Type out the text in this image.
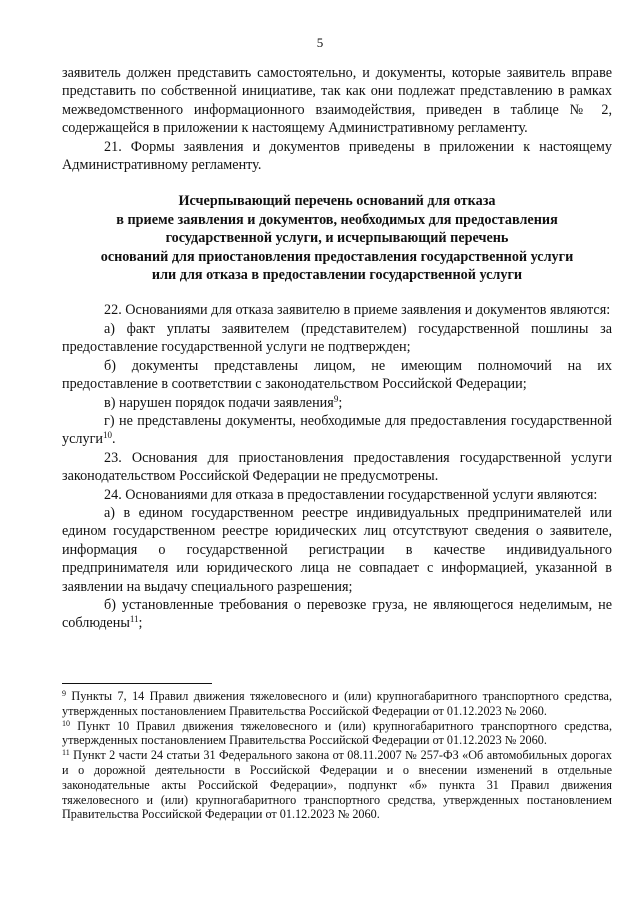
5

заявитель должен представить самостоятельно, и документы, которые заявитель вправе представить по собственной инициативе, так как они подлежат представлению в рамках межведомственного информационного взаимодействия, приведен в таблице № 2, содержащейся в приложении к настоящему Административному регламенту.

21. Формы заявления и документов приведены в приложении к настоящему Административному регламенту.

Исчерпывающий перечень оснований для отказа
в приеме заявления и документов, необходимых для предоставления
государственной услуги, и исчерпывающий перечень
оснований для приостановления предоставления государственной услуги
или для отказа в предоставлении государственной услуги

22. Основаниями для отказа заявителю в приеме заявления и документов являются:

а) факт уплаты заявителем (представителем) государственной пошлины за предоставление государственной услуги не подтвержден;

б) документы представлены лицом, не имеющим полномочий на их предоставление в соответствии с законодательством Российской Федерации;

в) нарушен порядок подачи заявления$^9$;

г) не представлены документы, необходимые для предоставления государственной услуги$^{10}$.

23. Основания для приостановления предоставления государственной услуги законодательством Российской Федерации не предусмотрены.

24. Основаниями для отказа в предоставлении государственной услуги являются:

а) в едином государственном реестре индивидуальных предпринимателей или едином государственном реестре юридических лиц отсутствуют сведения о заявителе, информация о государственной регистрации в качестве индивидуального предпринимателя или юридического лица не совпадает с информацией, указанной в заявлении на выдачу специального разрешения;

б) установленные требования о перевозке груза, не являющегося неделимым, не соблюдены$^{11}$;

$^9$ Пункты 7, 14 Правил движения тяжеловесного и (или) крупногабаритного транспортного средства, утвержденных постановлением Правительства Российской Федерации от 01.12.2023 № 2060.

$^{10}$ Пункт 10 Правил движения тяжеловесного и (или) крупногабаритного транспортного средства, утвержденных постановлением Правительства Российской Федерации от 01.12.2023 № 2060.

$^{11}$ Пункт 2 части 24 статьи 31 Федерального закона от 08.11.2007 № 257-ФЗ «Об автомобильных дорогах и о дорожной деятельности в Российской Федерации и о внесении изменений в отдельные законодательные акты Российской Федерации», подпункт «б» пункта 31 Правил движения тяжеловесного и (или) крупногабаритного транспортного средства, утвержденных постановлением Правительства Российской Федерации от 01.12.2023 № 2060.
